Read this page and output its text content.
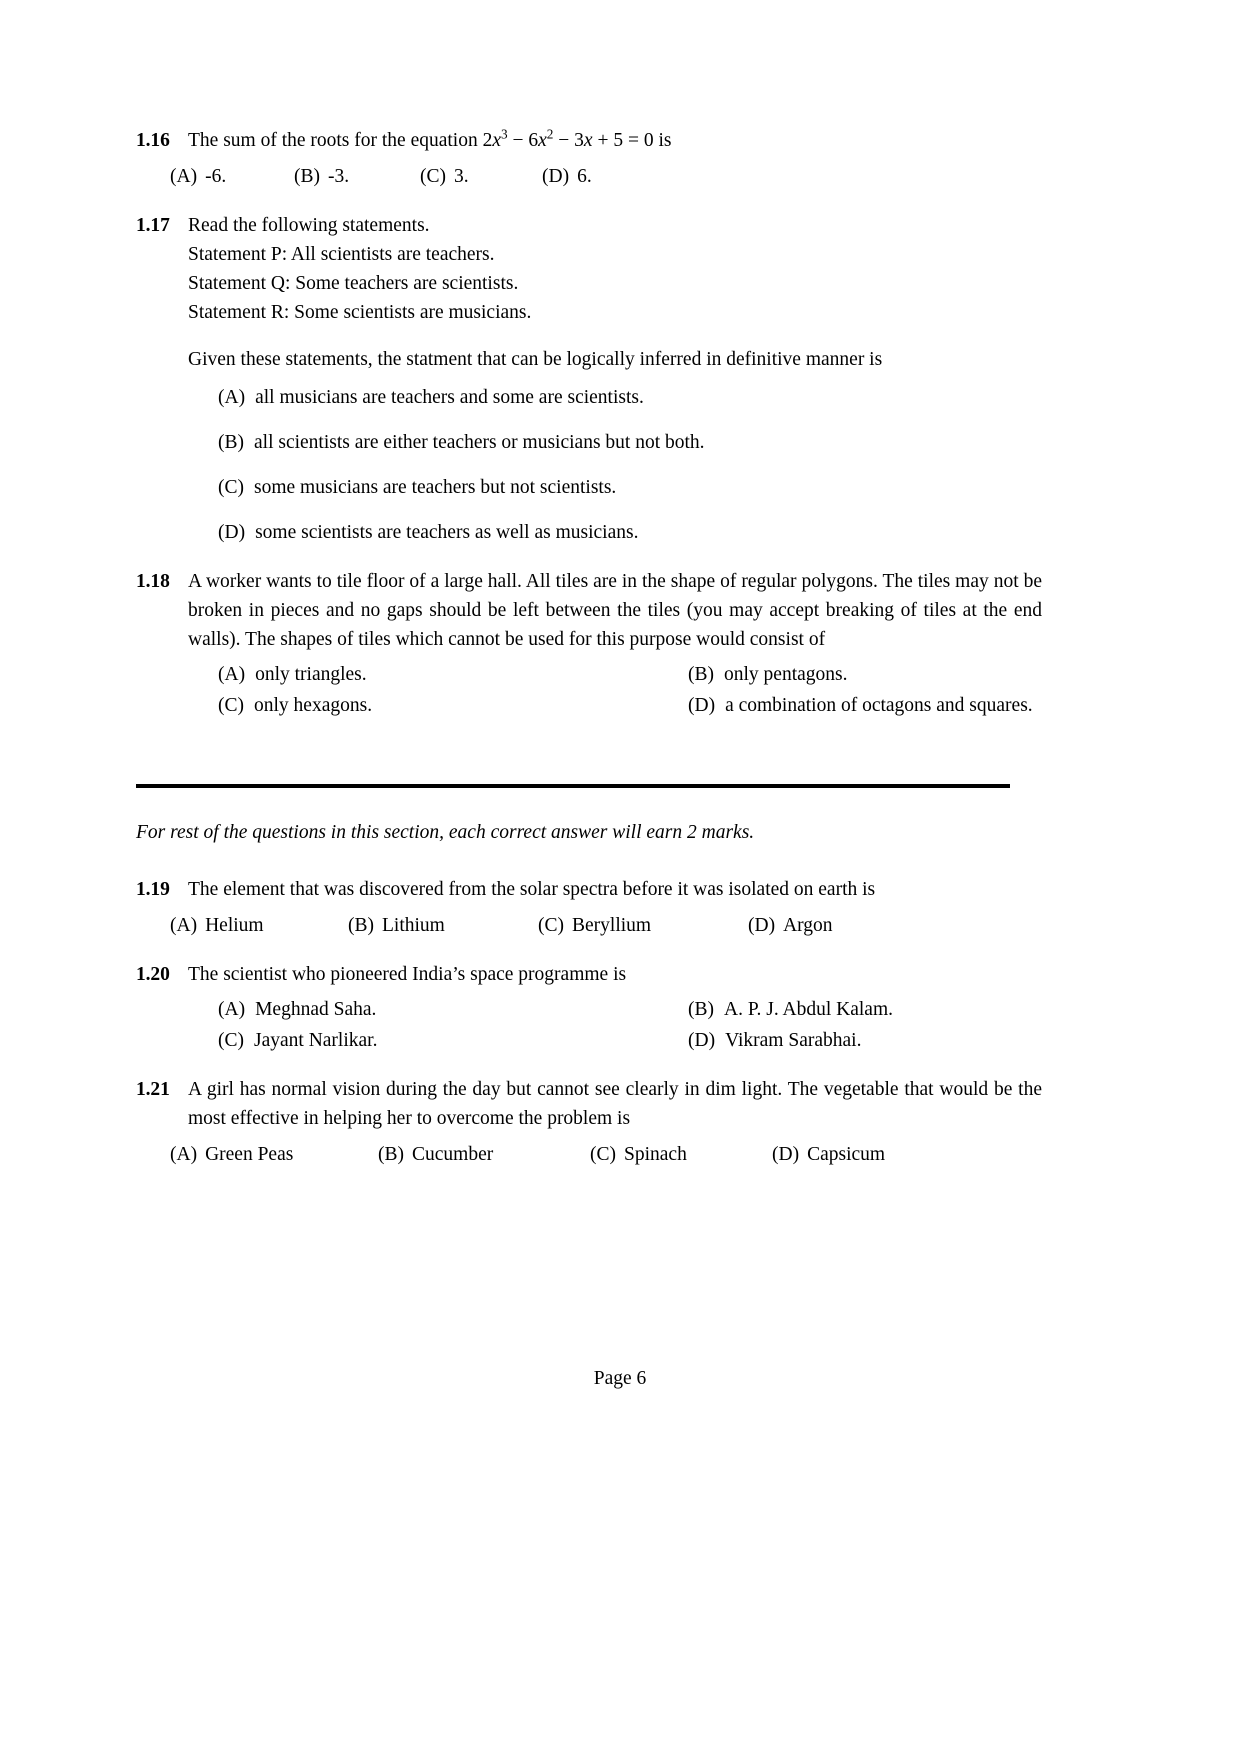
1.16 The sum of the roots for the equation $2x^3 - 6x^2 - 3x + 5 = 0$ is
(A) -6.	(B) -3.	(C) 3.	(D) 6.
1.17 Read the following statements.
Statement P: All scientists are teachers.
Statement Q: Some teachers are scientists.
Statement R: Some scientists are musicians.
Given these statements, the statment that can be logically inferred in definitive manner is
(A) all musicians are teachers and some are scientists.
(B) all scientists are either teachers or musicians but not both.
(C) some musicians are teachers but not scientists.
(D) some scientists are teachers as well as musicians.
1.18 A worker wants to tile floor of a large hall. All tiles are in the shape of regular polygons. The tiles may not be broken in pieces and no gaps should be left between the tiles (you may accept breaking of tiles at the end walls). The shapes of tiles which cannot be used for this purpose would consist of
(A) only triangles.	(B) only pentagons.
(C) only hexagons.	(D) a combination of octagons and squares.
For rest of the questions in this section, each correct answer will earn 2 marks.
1.19 The element that was discovered from the solar spectra before it was isolated on earth is
(A) Helium	(B) Lithium	(C) Beryllium	(D) Argon
1.20 The scientist who pioneered India’s space programme is
(A) Meghnad Saha.	(B) A. P. J. Abdul Kalam.
(C) Jayant Narlikar.	(D) Vikram Sarabhai.
1.21 A girl has normal vision during the day but cannot see clearly in dim light. The vegetable that would be the most effective in helping her to overcome the problem is
(A) Green Peas	(B) Cucumber	(C) Spinach	(D) Capsicum
Page 6
